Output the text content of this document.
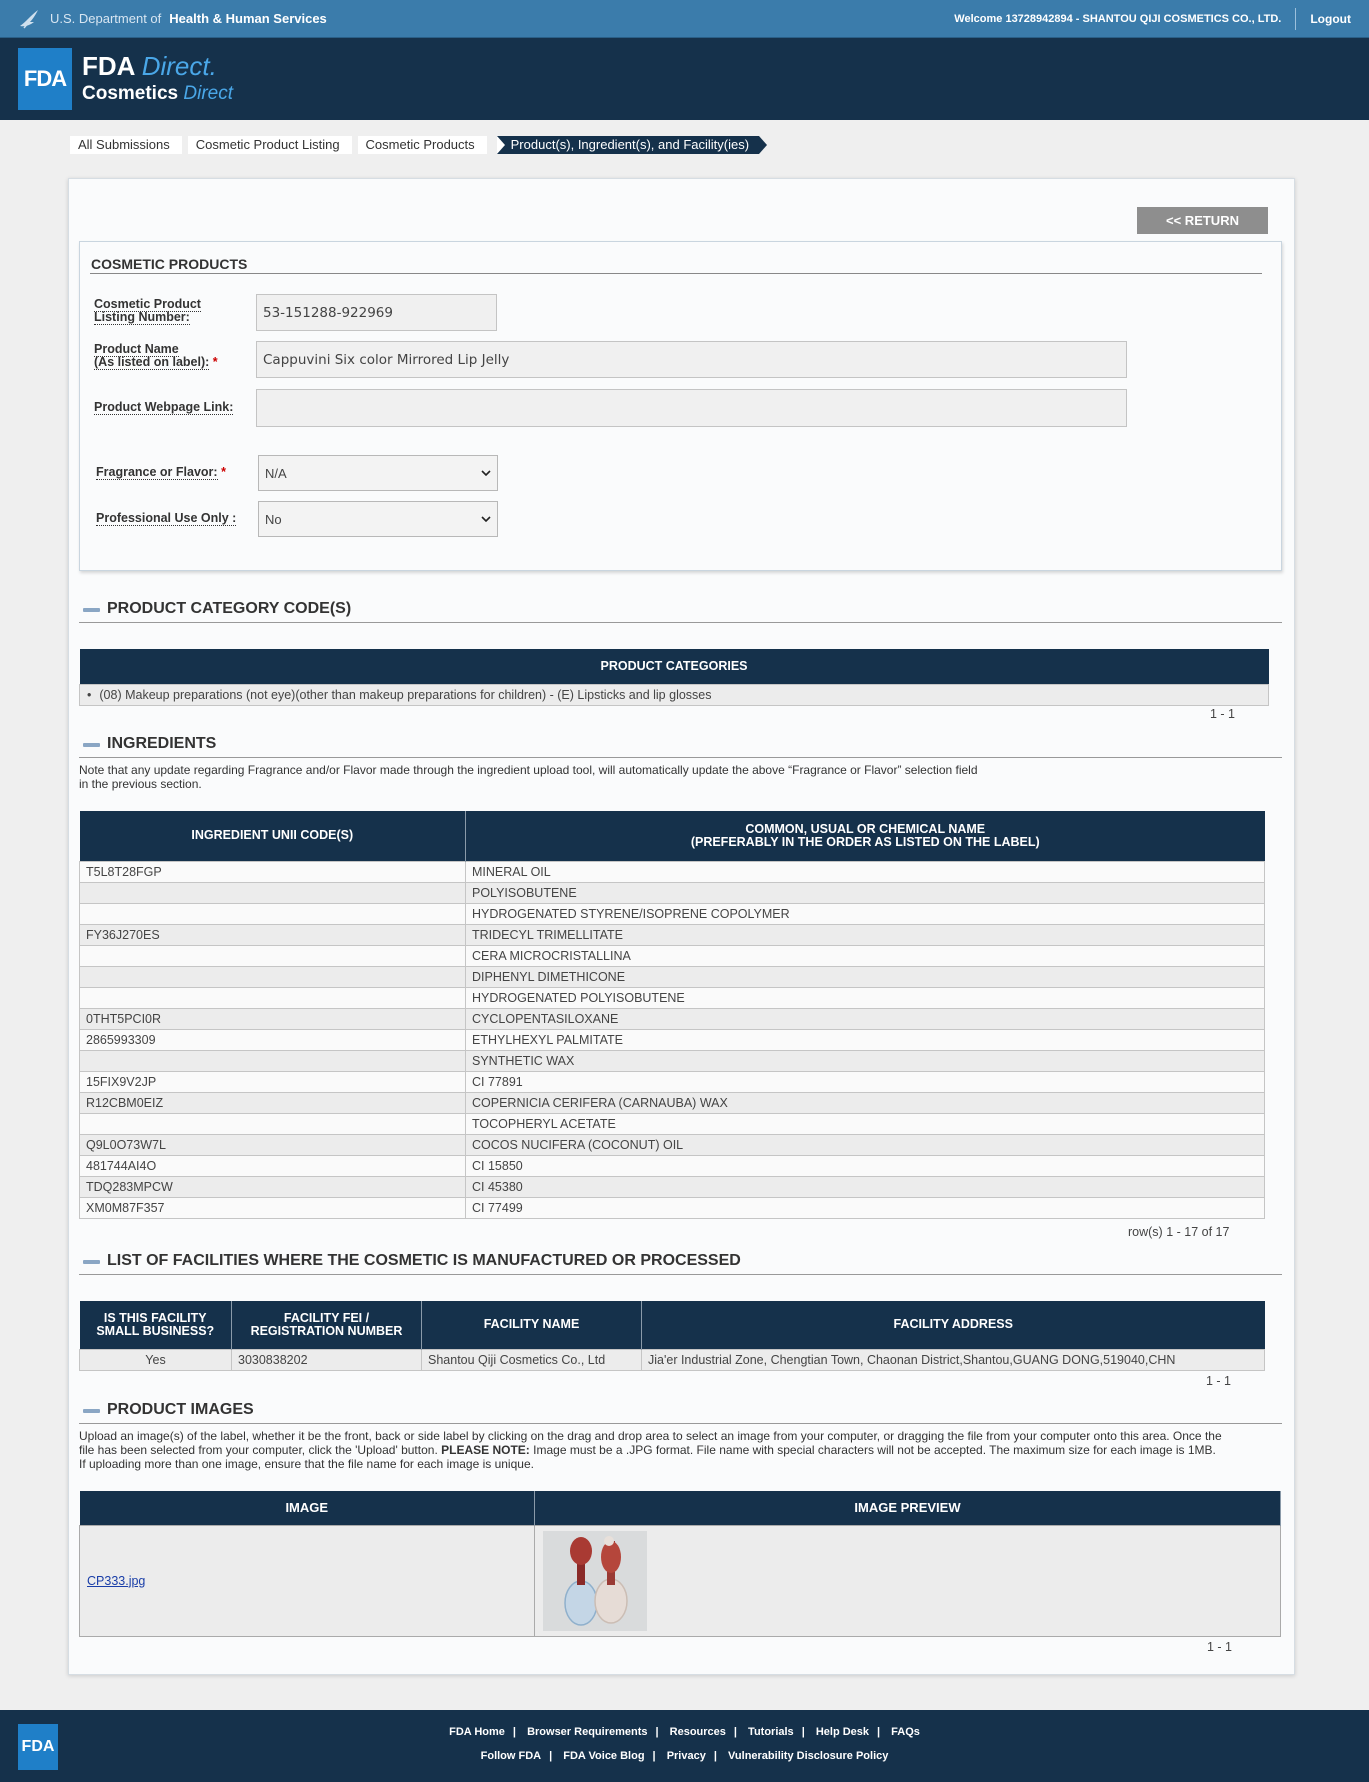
U.S. Department of Health & Human Services	Welcome 13728942894 - SHANTOU QIJI COSMETICS CO., LTD. Logout
FDA FDA Direct.
Cosmetics Direct
All Submissions	Cosmetic Product Listing	Cosmetic Products	Product(s), Ingredient(s), and Facility(ies)
<< RETURN
COSMETIC PRODUCTS
Cosmetic Product
Listing Number:	53-151288-922969
Product Name
(As listed on label): *	Cappuvini Six color Mirrored Lip Jelly
Product Webpage Link:
Fragrance or Flavor: *	N/A
Professional Use Only : No
PRODUCT CATEGORY CODE(S)
PRODUCT CATEGORIES
• (08) Makeup preparations (not eye)(other than makeup preparations for children) - (E) Lipsticks and lip glosses
1 - 1
INGREDIENTS
Note that any update regarding Fragrance and/or Flavor made through the ingredient upload tool, will automatically update the above “Fragrance or Flavor” selection field
in the previous section.
INGREDIENT UNII CODE(S)	COMMON, USUAL OR CHEMICAL NAME
(PREFERABLY IN THE ORDER AS LISTED ON THE LABEL)
T5L8T28FGP	MINERAL OIL
	POLYISOBUTENE
	HYDROGENATED STYRENE/ISOPRENE COPOLYMER
FY36J270ES	TRIDECYL TRIMELLITATE
	CERA MICROCRISTALLINA
	DIPHENYL DIMETHICONE
	HYDROGENATED POLYISOBUTENE
0THT5PCI0R	CYCLOPENTASILOXANE
2865993309	ETHYLHEXYL PALMITATE
	SYNTHETIC WAX
15FIX9V2JP	CI 77891
R12CBM0EIZ	COPERNICIA CERIFERA (CARNAUBA) WAX
	TOCOPHERYL ACETATE
Q9L0O73W7L	COCOS NUCIFERA (COCONUT) OIL
481744AI4O	CI 15850
TDQ283MPCW	CI 45380
XM0M87F357	CI 77499
row(s) 1 - 17 of 17
LIST OF FACILITIES WHERE THE COSMETIC IS MANUFACTURED OR PROCESSED
IS THIS FACILITY
SMALL BUSINESS?	FACILITY FEI /
REGISTRATION NUMBER	FACILITY NAME	FACILITY ADDRESS
Yes	3030838202	Shantou Qiji Cosmetics Co., Ltd	Jia'er Industrial Zone, Chengtian Town, Chaonan District,Shantou,GUANG DONG,519040,CHN
1 - 1
PRODUCT IMAGES
Upload an image(s) of the label, whether it be the front, back or side label by clicking on the drag and drop area to select an image from your computer, or dragging the file from your computer onto this area. Once the
file has been selected from your computer, click the 'Upload' button. PLEASE NOTE: Image must be a .JPG format. File name with special characters will not be accepted. The maximum size for each image is 1MB.
If uploading more than one image, ensure that the file name for each image is unique.
IMAGE	IMAGE PREVIEW
CP333.jpg	
1 - 1
FDA
FDA Home | Browser Requirements | Resources | Tutorials | Help Desk | FAQs
Follow FDA | FDA Voice Blog | Privacy | Vulnerability Disclosure Policy
